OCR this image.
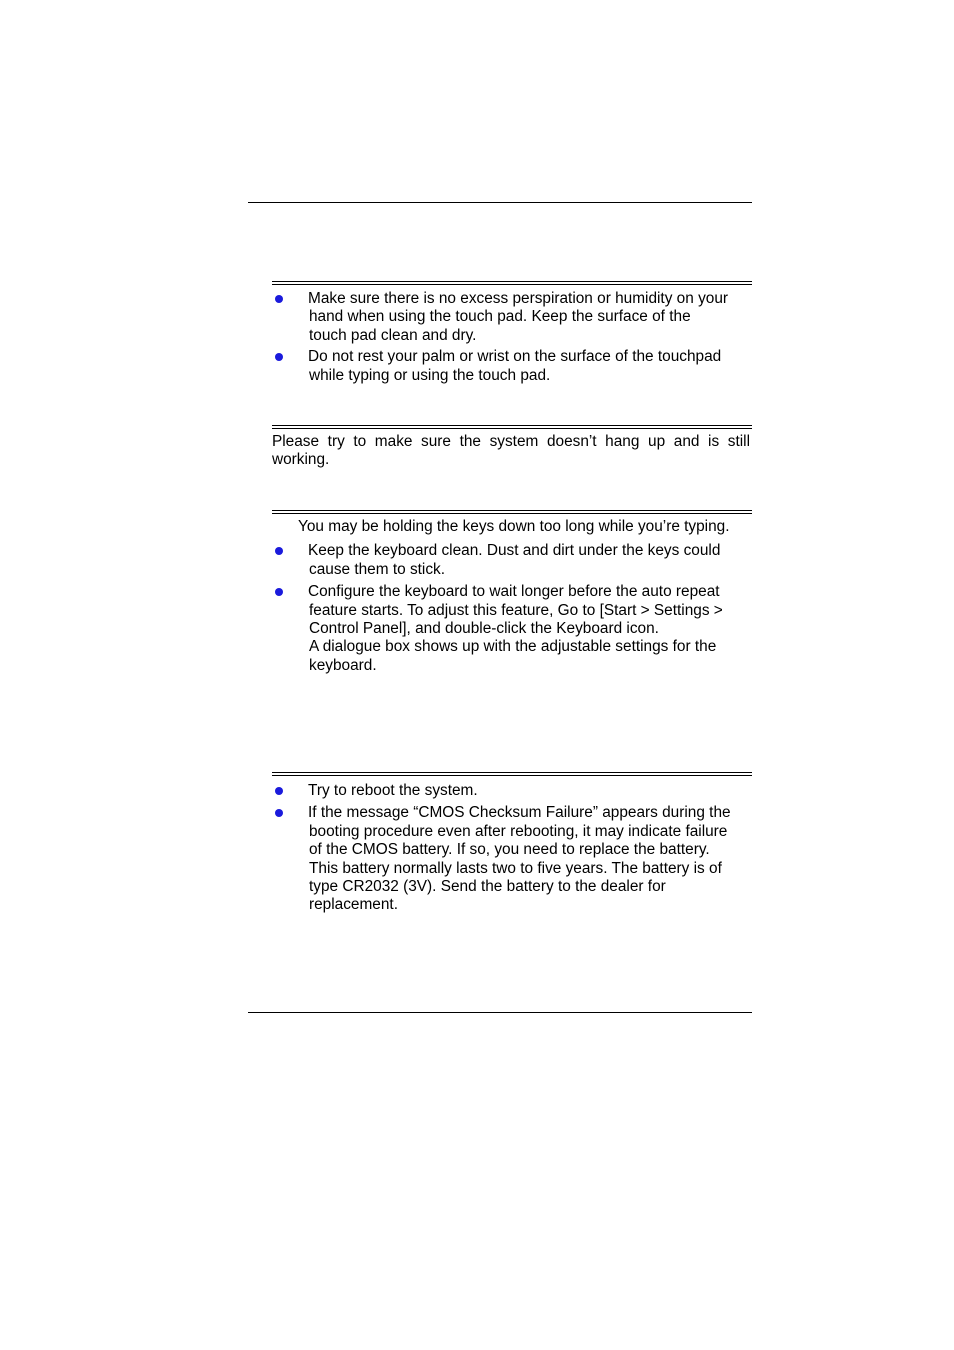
Make sure there is no excess perspiration or humidity on your
hand when using the touch pad. Keep the surface of the
touch pad clean and dry.
Do not rest your palm or wrist on the surface of the touchpad
while typing or using the touch pad.

Please try to make sure the system doesn’t hang up and is still working.

You may be holding the keys down too long while you’re typing.

Keep the keyboard clean. Dust and dirt under the keys could
cause them to stick.
Configure the keyboard to wait longer before the auto repeat
feature starts. To adjust this feature, Go to [Start > Settings >
Control Panel], and double-click the Keyboard icon.
A dialogue box shows up with the adjustable settings for the
keyboard.
Try to reboot the system.
If the message “CMOS Checksum Failure” appears during the
booting procedure even after rebooting, it may indicate failure
of the CMOS battery. If so, you need to replace the battery.
This battery normally lasts two to five years. The battery is of
type CR2032 (3V). Send the battery to the dealer for
replacement.
